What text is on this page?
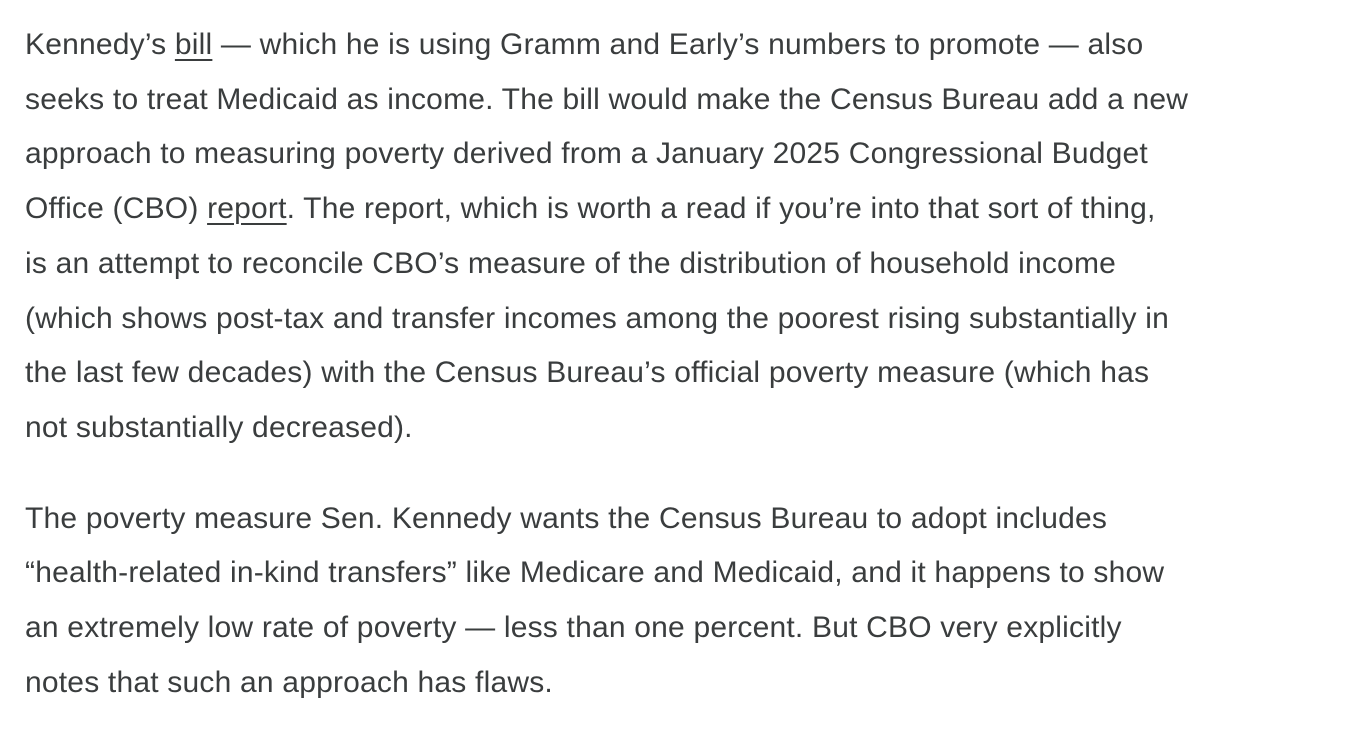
Kennedy’s bill — which he is using Gramm and Early’s numbers to promote — also
seeks to treat Medicaid as income. The bill would make the Census Bureau add a new
approach to measuring poverty derived from a January 2025 Congressional Budget
Office (CBO) report. The report, which is worth a read if you’re into that sort of thing,
is an attempt to reconcile CBO’s measure of the distribution of household income
(which shows post-tax and transfer incomes among the poorest rising substantially in
the last few decades) with the Census Bureau’s official poverty measure (which has
not substantially decreased).

The poverty measure Sen. Kennedy wants the Census Bureau to adopt includes
“health-related in-kind transfers” like Medicare and Medicaid, and it happens to show
an extremely low rate of poverty — less than one percent. But CBO very explicitly
notes that such an approach has flaws.
